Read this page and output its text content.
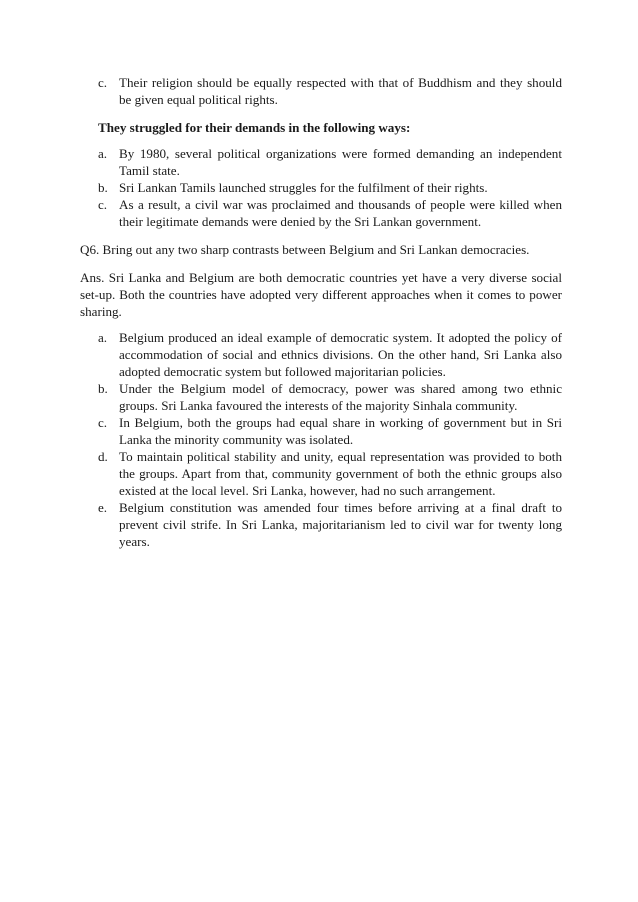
c. Their religion should be equally respected with that of Buddhism and they should be given equal political rights.
They struggled for their demands in the following ways:
a. By 1980, several political organizations were formed demanding an independent Tamil state.
b. Sri Lankan Tamils launched struggles for the fulfilment of their rights.
c. As a result, a civil war was proclaimed and thousands of people were killed when their legitimate demands were denied by the Sri Lankan government.

Q6. Bring out any two sharp contrasts between Belgium and Sri Lankan democracies.

Ans. Sri Lanka and Belgium are both democratic countries yet have a very diverse social set-up. Both the countries have adopted very different approaches when it comes to power sharing.

a. Belgium produced an ideal example of democratic system. It adopted the policy of accommodation of social and ethnics divisions. On the other hand, Sri Lanka also adopted democratic system but followed majoritarian policies.
b. Under the Belgium model of democracy, power was shared among two ethnic groups. Sri Lanka favoured the interests of the majority Sinhala community.
c. In Belgium, both the groups had equal share in working of government but in Sri Lanka the minority community was isolated.
d. To maintain political stability and unity, equal representation was provided to both the groups. Apart from that, community government of both the ethnic groups also existed at the local level. Sri Lanka, however, had no such arrangement.
e. Belgium constitution was amended four times before arriving at a final draft to prevent civil strife. In Sri Lanka, majoritarianism led to civil war for twenty long years.
